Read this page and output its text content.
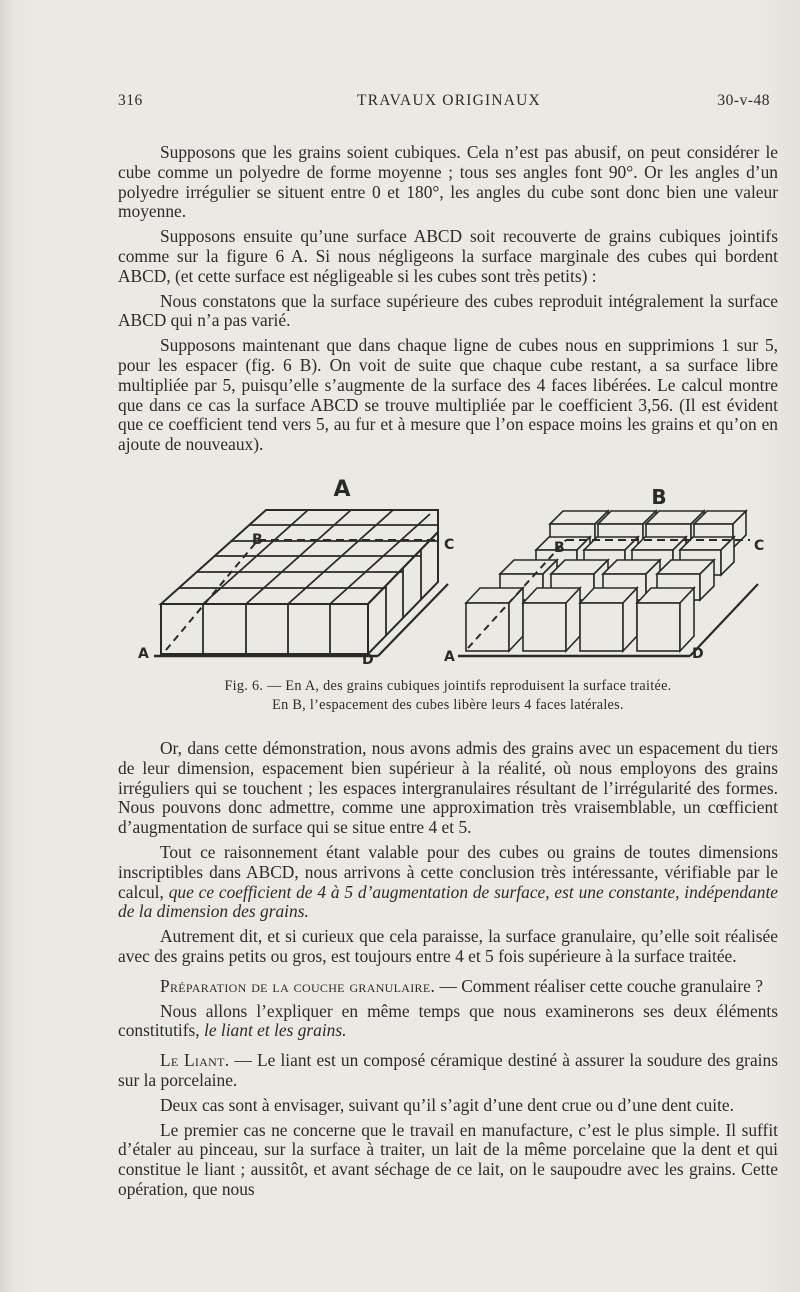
316	TRAVAUX ORIGINAUX	30-v-48

Supposons que les grains soient cubiques. Cela n’est pas abusif, on peut considérer le cube comme un polyedre de forme moyenne ; tous ses angles font 90°. Or les angles d’un polyedre irrégulier se situent entre 0 et 180°, les angles du cube sont donc bien une valeur moyenne.

Supposons ensuite qu’une surface ABCD soit recouverte de grains cubiques jointifs comme sur la figure 6 A. Si nous négligeons la surface marginale des cubes qui bordent ABCD, (et cette surface est négligeable si les cubes sont très petits) :

Nous constatons que la surface supérieure des cubes reproduit intégralement la surface ABCD qui n’a pas varié.

Supposons maintenant que dans chaque ligne de cubes nous en supprimions 1 sur 5, pour les espacer (fig. 6 B). On voit de suite que chaque cube restant, a sa surface libre multipliée par 5, puisqu’elle s’augmente de la surface des 4 faces libérées. Le calcul montre que dans ce cas la surface ABCD se trouve multipliée par le coefficient 3,56. (Il est évident que ce coefficient tend vers 5, au fur et à mesure que l’on espace moins les grains et qu’on en ajoute de nouveaux).

A	B
A
B	C
D	A
B	C
D
Fig. 6. — En A, des grains cubiques jointifs reproduisent la surface traitée.
En B, l’espacement des cubes libère leurs 4 faces latérales.

Or, dans cette démonstration, nous avons admis des grains avec un espacement du tiers de leur dimension, espacement bien supérieur à la réalité, où nous employons des grains irréguliers qui se touchent ; les espaces intergranulaires résultant de l’irrégularité des formes. Nous pouvons donc admettre, comme une approximation très vraisemblable, un cœfficient d’augmentation de surface qui se situe entre 4 et 5.

Tout ce raisonnement étant valable pour des cubes ou grains de toutes dimensions inscriptibles dans ABCD, nous arrivons à cette conclusion très intéressante, vérifiable par le calcul, que ce coefficient de 4 à 5 d’augmentation de surface, est une constante, indépendante de la dimension des grains.

Autrement dit, et si curieux que cela paraisse, la surface granulaire, qu’elle soit réalisée avec des grains petits ou gros, est toujours entre 4 et 5 fois supérieure à la surface traitée.

Préparation de la couche granulaire. — Comment réaliser cette couche granulaire ?

Nous allons l’expliquer en même temps que nous examinerons ses deux éléments constitutifs, le liant et les grains.

Le Liant. — Le liant est un composé céramique destiné à assurer la soudure des grains sur la porcelaine.

Deux cas sont à envisager, suivant qu’il s’agit d’une dent crue ou d’une dent cuite.

Le premier cas ne concerne que le travail en manufacture, c’est le plus simple. Il suffit d’étaler au pinceau, sur la surface à traiter, un lait de la même porcelaine que la dent et qui constitue le liant ; aussitôt, et avant séchage de ce lait, on le saupoudre avec les grains. Cette opération, que nous
